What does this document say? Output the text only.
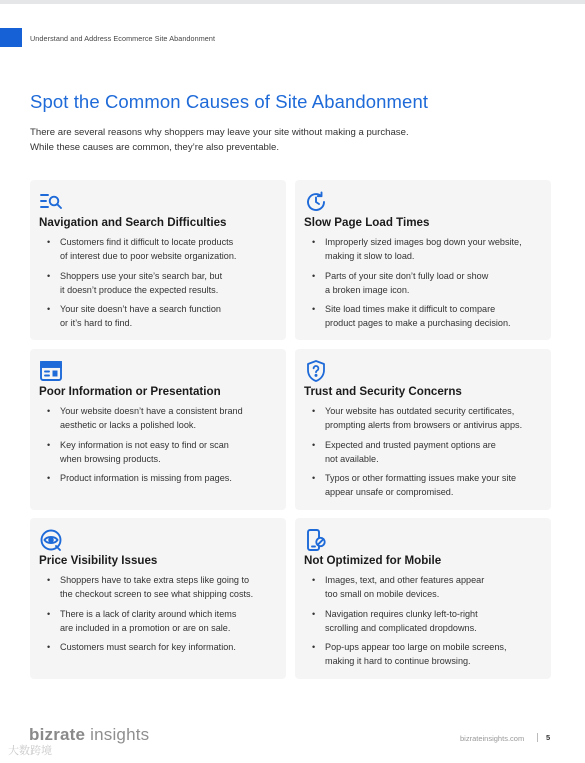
Understand and Address Ecommerce Site Abandonment
Spot the Common Causes of Site Abandonment

There are several reasons why shoppers may leave your site without making a purchase.
While these causes are common, they’re also preventable.

Navigation and Search Difficulties
• Customers find it difficult to locate products
of interest due to poor website organization.
• Shoppers use your site’s search bar, but
it doesn’t produce the expected results.
• Your site doesn’t have a search function
or it’s hard to find.
Slow Page Load Times
• Improperly sized images bog down your website,
making it slow to load.
• Parts of your site don’t fully load or show
a broken image icon.
• Site load times make it difficult to compare
product pages to make a purchasing decision.
Poor Information or Presentation
• Your website doesn’t have a consistent brand
aesthetic or lacks a polished look.
• Key information is not easy to find or scan
when browsing products.
• Product information is missing from pages.
Trust and Security Concerns
• Your website has outdated security certificates,
prompting alerts from browsers or antivirus apps.
• Expected and trusted payment options are
not available.
• Typos or other formatting issues make your site
appear unsafe or compromised.
Price Visibility Issues
• Shoppers have to take extra steps like going to
the checkout screen to see what shipping costs.
• There is a lack of clarity around which items
are included in a promotion or are on sale.
• Customers must search for key information.
Not Optimized for Mobile
• Images, text, and other features appear
too small on mobile devices.
• Navigation requires clunky left-to-right
scrolling and complicated dropdowns.
• Pop-ups appear too large on mobile screens,
making it hard to continue browsing.
bizrate insights	bizrateinsights.com	5
大数跨境
